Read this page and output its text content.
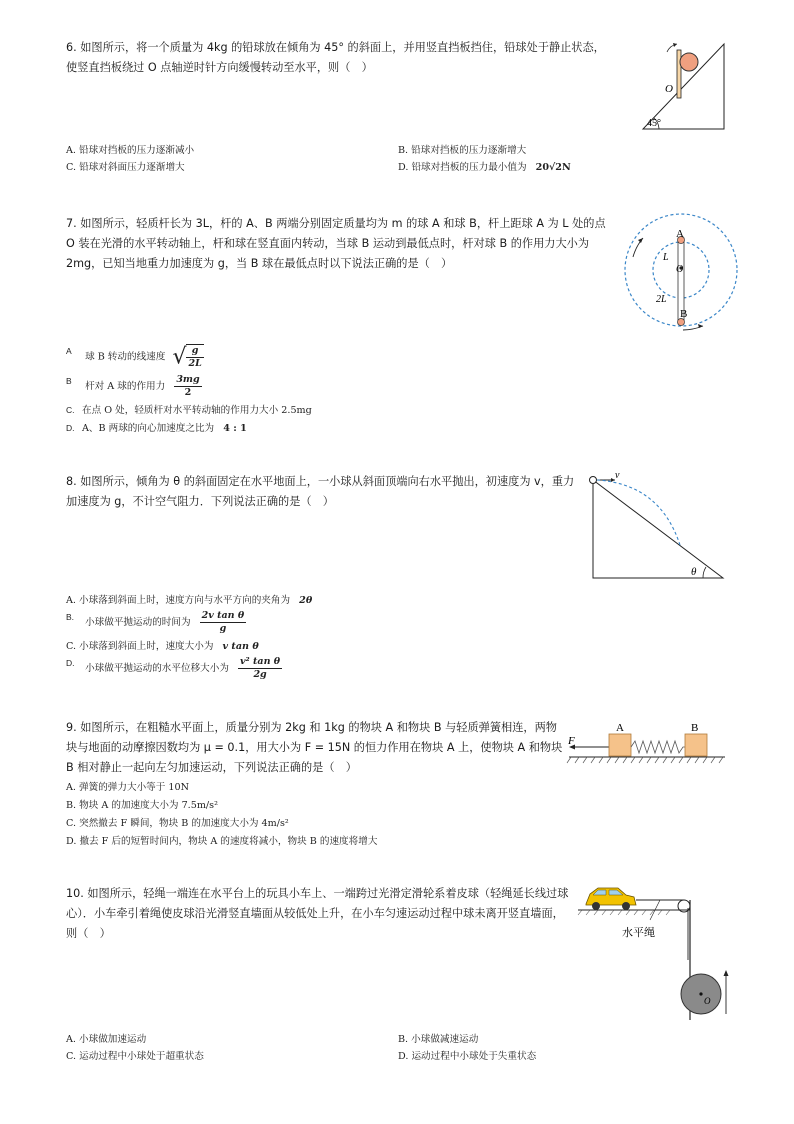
6. 如图所示，将一个质量为 4kg 的铅球放在倾角为 45° 的斜面上，并用竖直挡板挡住，铅球处于静止状态，使竖直挡板绕过 O 点轴逆时针方向缓慢转动至水平，则（　）
45°
O
A. 铅球对挡板的压力逐渐减小	B. 铅球对挡板的压力逐渐增大
C. 铅球对斜面压力逐渐增大	D. 铅球对挡板的压力最小值为 20√2N
7. 如图所示，轻质杆长为 3L，杆的 A、B 两端分别固定质量均为 m 的球 A 和球 B，杆上距球 A 为 L 处的点 O 装在光滑的水平转动轴上，杆和球在竖直面内转动，当球 B 运动到最低点时，杆对球 B 的作用力大小为 2mg，已知当地重力加速度为 g，当 B 球在最低点时以下说法正确的是（　）
A
B
L
O
2L
A 球 B 转动的线速度 √ $\frac{g}{2L}$
B 杆对 A 球的作用力 $\frac{3mg}{2}$
C. 在点 O 处，轻质杆对水平转动轴的作用力大小 2.5mg
D. A、B 两球的向心加速度之比为 4 : 1
8. 如图所示，倾角为 θ 的斜面固定在水平地面上，一小球从斜面顶端向右水平抛出，初速度为 v，重力加速度为 g，不计空气阻力．下列说法正确的是（　）
v
θ
A. 小球落到斜面上时，速度方向与水平方向的夹角为 2θ
B. 小球做平抛运动的时间为 $\frac{\text{2v tan θ}}{g}$
C. 小球落到斜面上时，速度大小为 v tan θ
D. 小球做平抛运动的水平位移大小为 $\frac{\text{v² tan θ}}{2g}$
9. 如图所示，在粗糙水平面上，质量分别为 2kg 和 1kg 的物块 A 和物块 B 与轻质弹簧相连，两物块与地面的动摩擦因数均为 μ = 0.1，用大小为 F = 15N 的恒力作用在物块 A 上，使物块 A 和物块 B 相对静止一起向左匀加速运动，下列说法正确的是（　）
F
A	B
A. 弹簧的弹力大小等于 10N
B. 物块 A 的加速度大小为 7.5m/s²
C. 突然撤去 F 瞬间，物块 B 的加速度大小为 4m/s²
D. 撤去 F 后的短暂时间内，物块 A 的速度将减小，物块 B 的速度将增大
10. 如图所示，轻绳一端连在水平台上的玩具小车上、一端跨过光滑定滑轮系着皮球（轻绳延长线过球心）．小车牵引着绳使皮球沿光滑竖直墙面从较低处上升，在小车匀速运动过程中球未离开竖直墙面，则（　）	水平绳
O
A. 小球做加速运动	B. 小球做减速运动
C. 运动过程中小球处于超重状态	D. 运动过程中小球处于失重状态
